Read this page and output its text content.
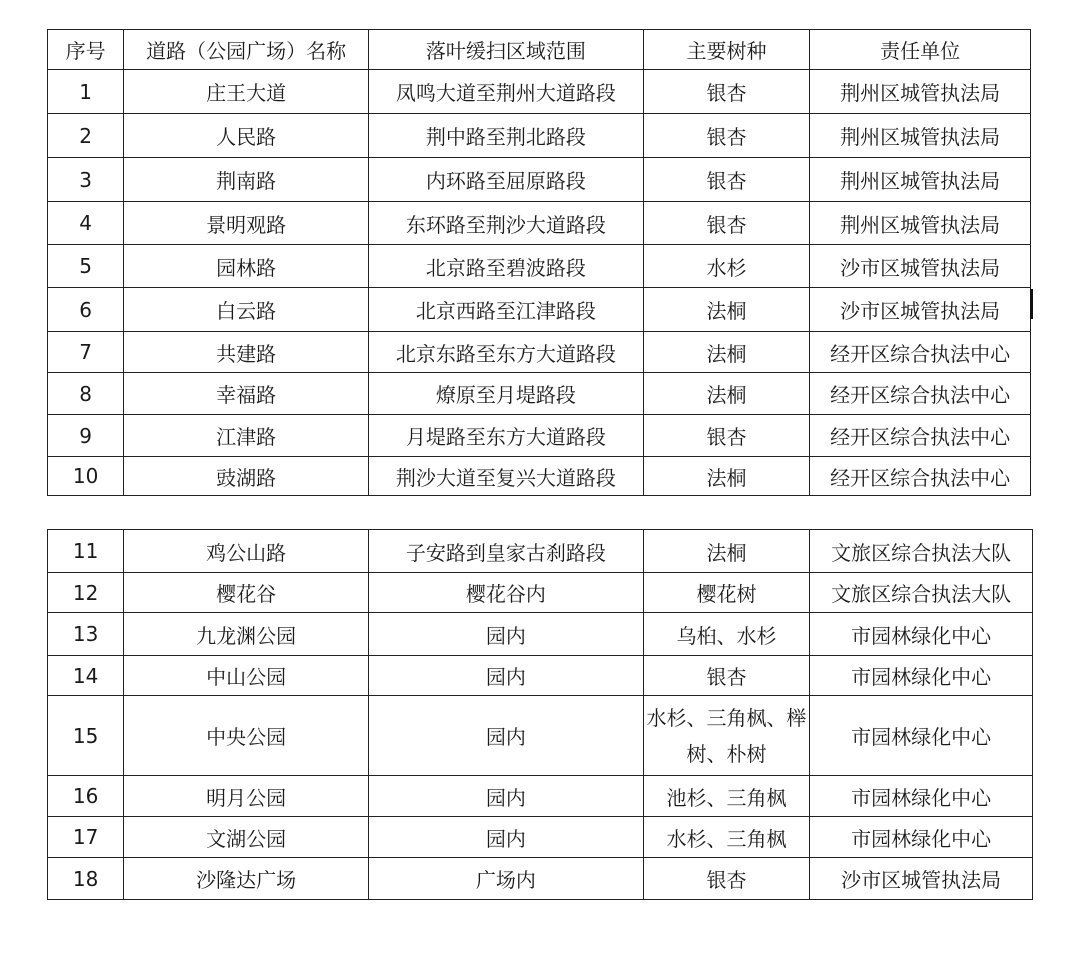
序号	道路（公园广场）名称	落叶缓扫区域范围	主要树种	责任单位
1	庄王大道	凤鸣大道至荆州大道路段	银杏	荆州区城管执法局
2	人民路	荆中路至荆北路段	银杏	荆州区城管执法局
3	荆南路	内环路至屈原路段	银杏	荆州区城管执法局
4	景明观路	东环路至荆沙大道路段	银杏	荆州区城管执法局
5	园林路	北京路至碧波路段	水杉	沙市区城管执法局
6	白云路	北京西路至江津路段	法桐	沙市区城管执法局
7	共建路	北京东路至东方大道路段	法桐	经开区综合执法中心
8	幸福路	燎原至月堤路段	法桐	经开区综合执法中心
9	江津路	月堤路至东方大道路段	银杏	经开区综合执法中心
10	豉湖路	荆沙大道至复兴大道路段	法桐	经开区综合执法中心
11	鸡公山路	子安路到皇家古刹路段	法桐	文旅区综合执法大队
12	樱花谷	樱花谷内	樱花树	文旅区综合执法大队
13	九龙渊公园	园内	乌桕、水杉	市园林绿化中心
14	中山公园	园内	银杏	市园林绿化中心
15	中央公园	园内	水杉、三角枫、榉树、朴树	市园林绿化中心
16	明月公园	园内	池杉、三角枫	市园林绿化中心
17	文湖公园	园内	水杉、三角枫	市园林绿化中心
18	沙隆达广场	广场内	银杏	沙市区城管执法局
